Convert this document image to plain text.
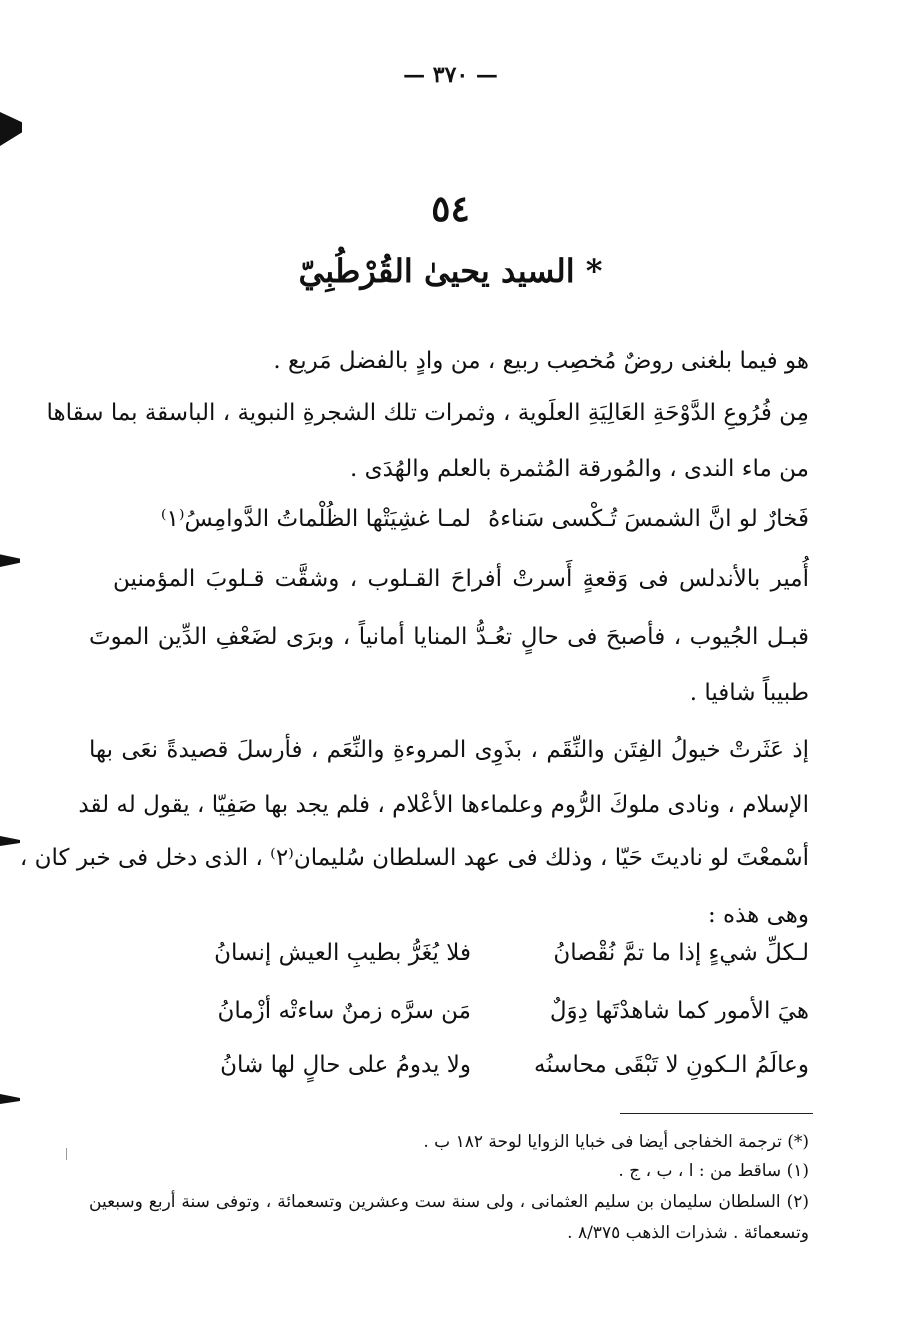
— ٣٧٠ —
٥٤
السيد يحيىٰ القُرْطُبِيّ *
هو فيما بلغنى روضٌ مُخصِب ربيع ، من وادٍ بالفضل مَريع .
مِن فُرُوعِ الدَّوْحَةِ العَالِيَةِ العلَوية ، وثمرات تلك الشجرةِ النبوية ، الباسقة بما سقاها
من ماء الندى ، والمُورقة المُثمرة بالعلم والهُدَى .
فَخارٌ لو انَّ الشمسَ تُـكْسى سَناءهُ
لمـا غشِيَتْها الظُلْماتُ الدَّوامِسُ⁽١⁾
أُمير بالأندلس فى وَقعةٍ أَسرتْ أفراحَ القـلوب ، وشقَّت قـلوبَ المؤمنين
قبـل الجُيوب ، فأصبحَ فى حالٍ تعُـدُّ المنايا أمانياً ، وبرَى لضَعْفِ الدِّين الموتَ
طبيباً شافيا .
إذ عَثَرتْ خيولُ الفِتَن والنِّقَم ، بذَوِى المروءةِ والنِّعَم ، فأرسلَ قصيدةً نعَى بها
الإسلام ، ونادى ملوكَ الرُّوم وعلماءها الأعْلام ، فلم يجد بها صَفِيّا ، يقول له لقد
أسْمعْتَ لو ناديتَ حَيّا ، وذلك فى عهد السلطان سُليمان⁽٢⁾ ، الذى دخل فى خبر كان ،
وهى هذه :
لـكلِّ شيءٍ إذا ما تمَّ نُقْصانُ
فلا يُغَرُّ بطيبِ العيش إنسانُ
هيَ الأمور كما شاهدْتَها دِوَلٌ
مَن سرَّه زمنٌ ساءتْه أزْمانُ
وعالَمُ الـكونِ لا تَبْقَى محاسنُه
ولا يدومُ على حالٍ لها شانُ
(*) ترجمة الخفاجى أيضا فى خبايا الزوايا لوحة ١٨٢ ب .
(١) ساقط من : ا ، ب ، ج .
(٢) السلطان سليمان بن سليم العثمانى ، ولى سنة ست وعشرين وتسعمائة ، وتوفى سنة أربع وسبعين
وتسعمائة . شذرات الذهب ٨/٣٧٥ .
